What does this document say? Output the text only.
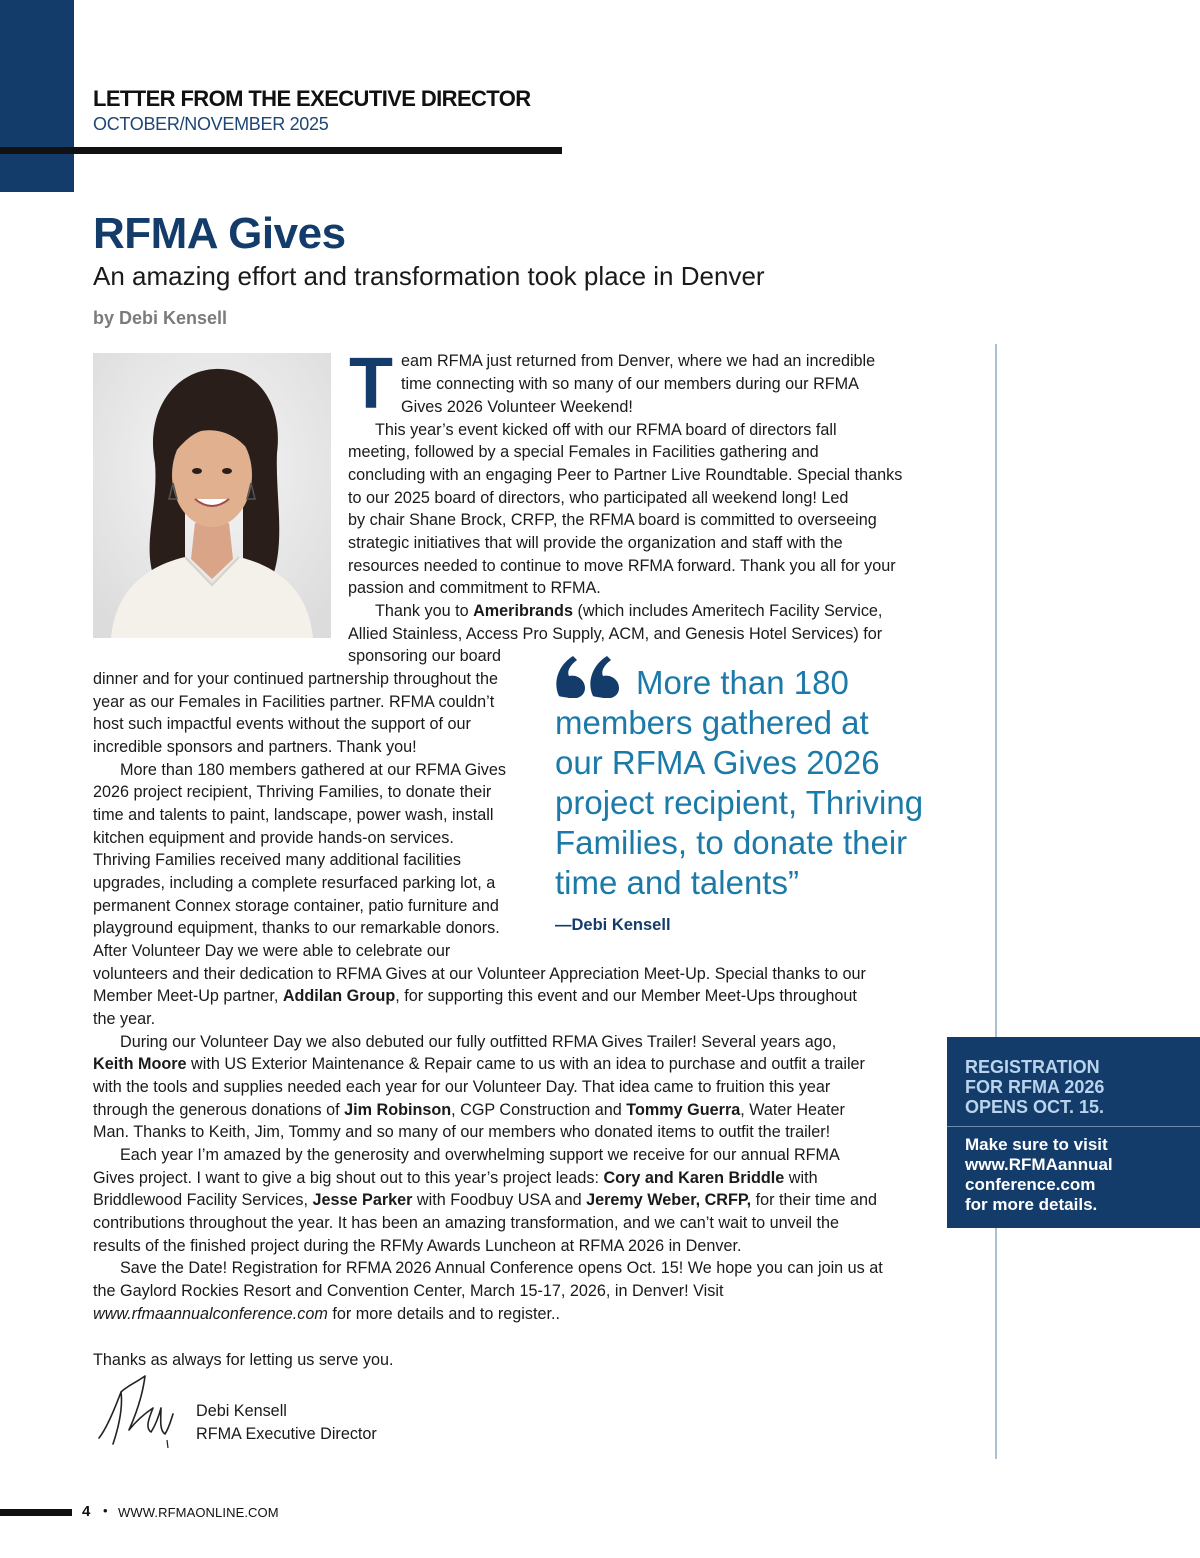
LETTER FROM THE EXECUTIVE DIRECTOR
OCTOBER/NOVEMBER 2025
RFMA Gives
An amazing effort and transformation took place in Denver
by Debi Kensell
T eam RFMA just returned from Denver, where we had an incredible
time connecting with so many of our members during our RFMA
Gives 2026 Volunteer Weekend!
This year’s event kicked off with our RFMA board of directors fall
meeting, followed by a special Females in Facilities gathering and
concluding with an engaging Peer to Partner Live Roundtable. Special thanks
to our 2025 board of directors, who participated all weekend long! Led
by chair Shane Brock, CRFP, the RFMA board is committed to overseeing
strategic initiatives that will provide the organization and staff with the
resources needed to continue to move RFMA forward. Thank you all for your
passion and commitment to RFMA.
Thank you to Ameribrands (which includes Ameritech Facility Service,
Allied Stainless, Access Pro Supply, ACM, and Genesis Hotel Services) for
sponsoring our board
dinner and for your continued partnership throughout the
year as our Females in Facilities partner. RFMA couldn’t
host such impactful events without the support of our
incredible sponsors and partners. Thank you!
More than 180 members gathered at our RFMA Gives
2026 project recipient, Thriving Families, to donate their
time and talents to paint, landscape, power wash, install
kitchen equipment and provide hands-on services.
Thriving Families received many additional facilities
upgrades, including a complete resurfaced parking lot, a
permanent Connex storage container, patio furniture and
playground equipment, thanks to our remarkable donors.
After Volunteer Day we were able to celebrate our
volunteers and their dedication to RFMA Gives at our Volunteer Appreciation Meet-Up. Special thanks to our
Member Meet-Up partner, Addilan Group, for supporting this event and our Member Meet-Ups throughout
the year.
During our Volunteer Day we also debuted our fully outfitted RFMA Gives Trailer! Several years ago,
Keith Moore with US Exterior Maintenance & Repair came to us with an idea to purchase and outfit a trailer
with the tools and supplies needed each year for our Volunteer Day. That idea came to fruition this year
through the generous donations of Jim Robinson, CGP Construction and Tommy Guerra, Water Heater
Man. Thanks to Keith, Jim, Tommy and so many of our members who donated items to outfit the trailer!
Each year I’m amazed by the generosity and overwhelming support we receive for our annual RFMA
Gives project. I want to give a big shout out to this year’s project leads: Cory and Karen Briddle with
Briddlewood Facility Services, Jesse Parker with Foodbuy USA and Jeremy Weber, CRFP, for their time and
contributions throughout the year. It has been an amazing transformation, and we can’t wait to unveil the
results of the finished project during the RFMy Awards Luncheon at RFMA 2026 in Denver.
Save the Date! Registration for RFMA 2026 Annual Conference opens Oct. 15! We hope you can join us at
the Gaylord Rockies Resort and Convention Center, March 15-17, 2026, in Denver! Visit
www.rfmaannualconference.com for more details and to register..
Thanks as always for letting us serve you.
Debi Kensell
RFMA Executive Director
More than 180
members gathered at
our RFMA Gives 2026
project recipient, Thriving
Families, to donate their
time and talents”
—Debi Kensell
REGISTRATION
FOR RFMA 2026
OPENS OCT. 15.
Make sure to visit
www.RFMAannual
conference.com
for more details.
4 • WWW.RFMAONLINE.COM
